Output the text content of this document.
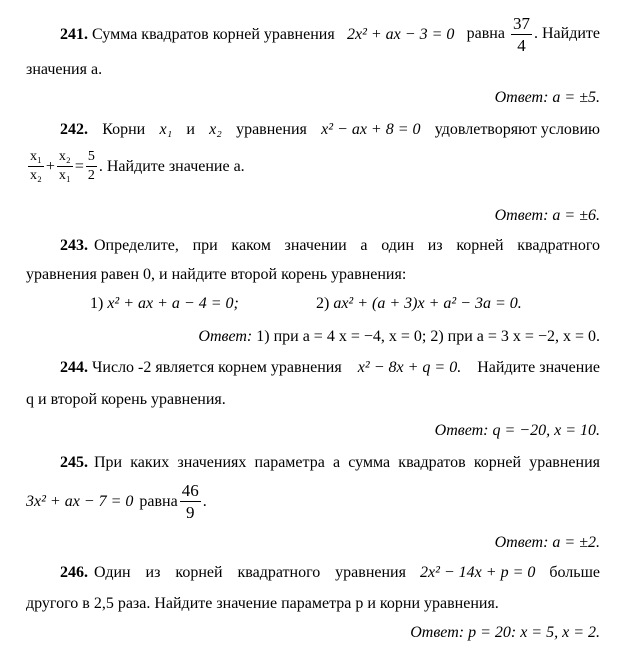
241. Сумма квадратов корней уравнения 2x² + ax − 3 = 0 равна $\frac{37}{4}$ . Найдите
значения a.
Ответ: a = ±5.
242. Корни x₁ и x₂ уравнения x² − ax + 8 = 0 удовлетворяют условию
$\frac{\text{x₁}}{\text{x₂}} + \frac{\text{x₂}}{\text{x₁}} = \frac{5}{2}$ . Найдите значение a.
Ответ: a = ±6.
243. Определите, при каком значении a один из корней квадратного
уравнения равен 0, и найдите второй корень уравнения:
1) x² + ax + a − 4 = 0;	2) ax² + (a + 3)x + a² − 3a = 0.
Ответ: 1) при a = 4 x = −4, x = 0; 2) при a = 3 x = −2, x = 0.
244. Число -2 является корнем уравнения x² − 8x + q = 0. Найдите значение
q и второй корень уравнения.
Ответ: q = −20, x = 10.
245. При каких значениях параметра a сумма квадратов корней уравнения
3x² + ax − 7 = 0 равна $\frac{46}{9}$ .
Ответ: a = ±2.
246. Один из корней квадратного уравнения 2x² − 14x + p = 0 больше
другого в 2,5 раза. Найдите значение параметра p и корни уравнения.
Ответ: p = 20: x = 5, x = 2.
